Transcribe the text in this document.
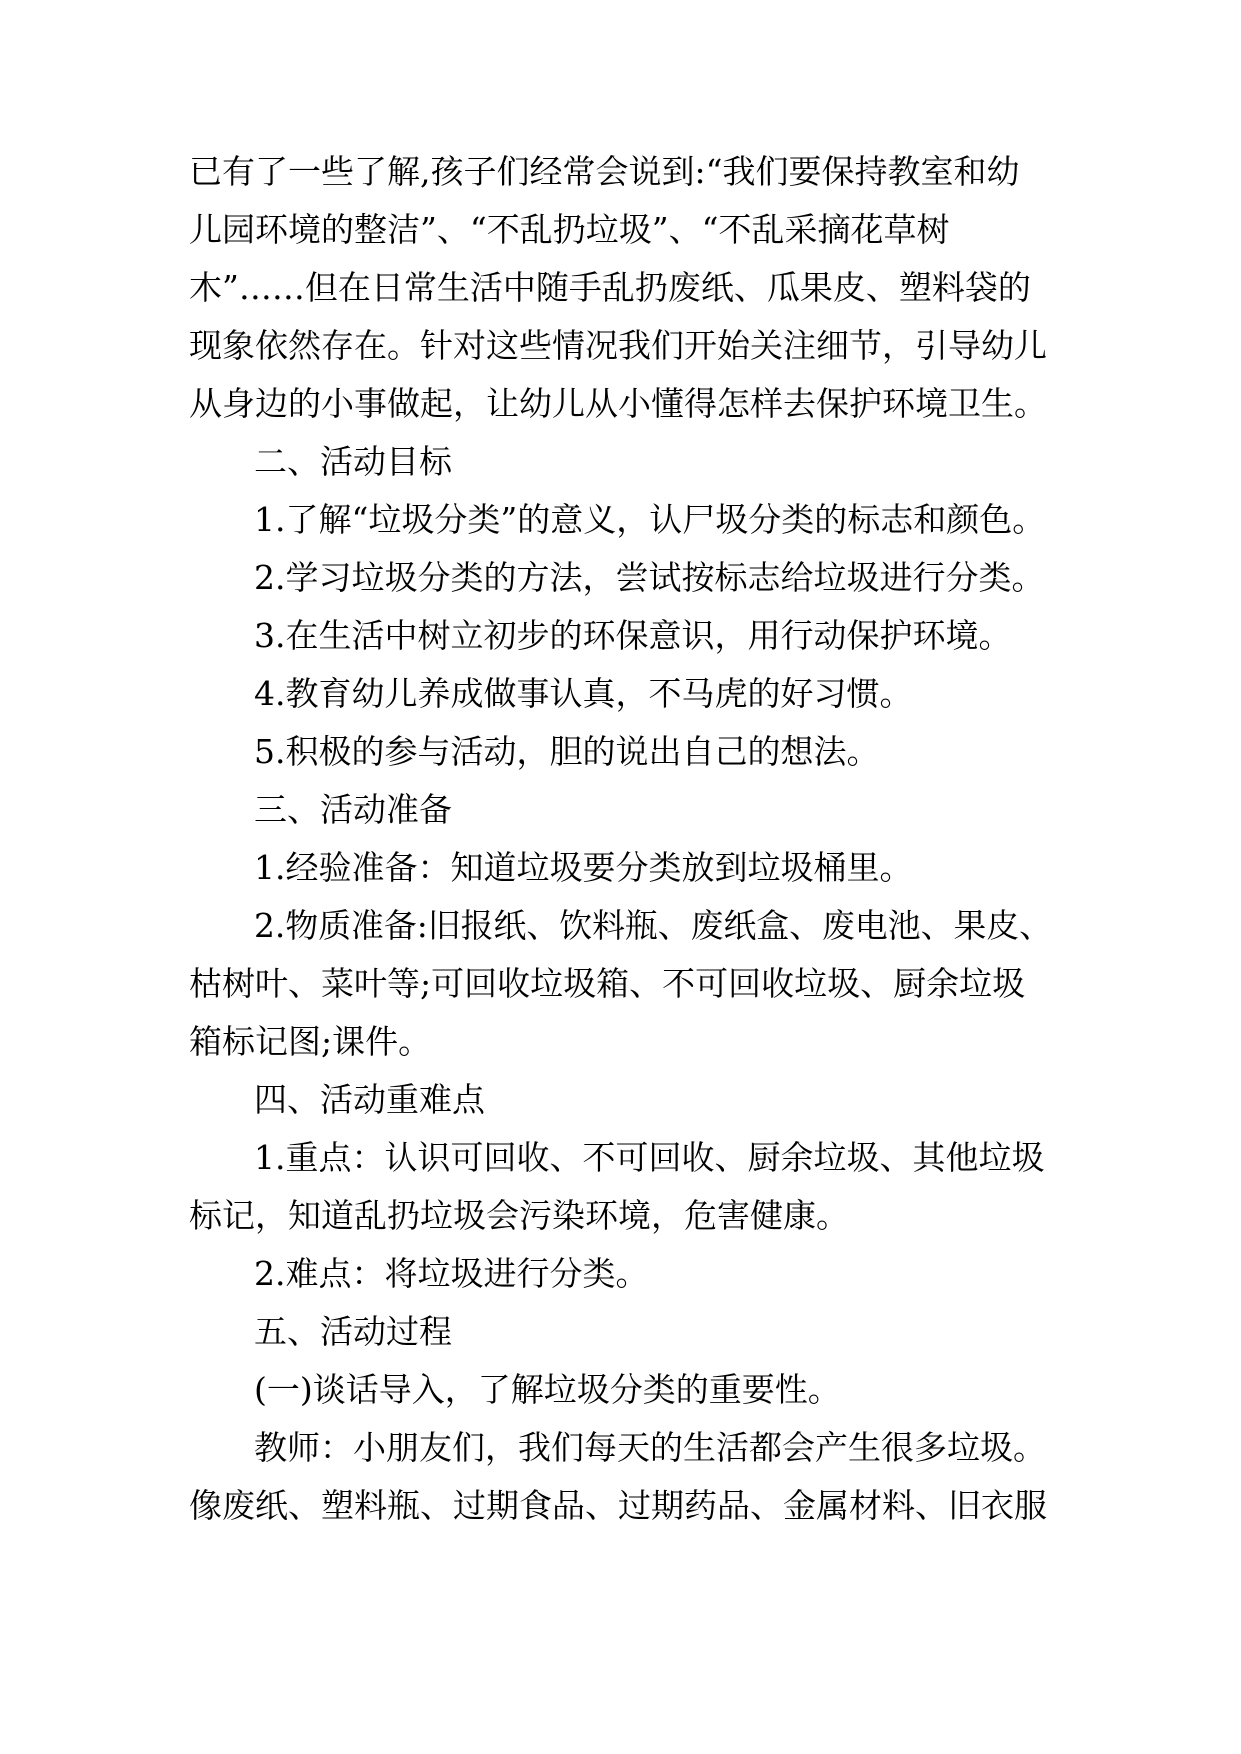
已有了一些了解,孩子们经常会说到:“我们要保持教室和幼
儿园环境的整洁”、“不乱扔垃圾”、“不乱采摘花草树
木”……但在日常生活中随手乱扔废纸、瓜果皮、塑料袋的
现象依然存在。针对这些情况我们开始关注细节，引导幼儿
从身边的小事做起，让幼儿从小懂得怎样去保护环境卫生。
二、活动目标
1.了解“垃圾分类”的意义，认尸圾分类的标志和颜色。
2.学习垃圾分类的方法，尝试按标志给垃圾进行分类。
3.在生活中树立初步的环保意识，用行动保护环境。
4.教育幼儿养成做事认真，不马虎的好习惯。
5.积极的参与活动，胆的说出自己的想法。
三、活动准备
1.经验准备：知道垃圾要分类放到垃圾桶里。
2.物质准备:旧报纸、饮料瓶、废纸盒、废电池、果皮、
枯树叶、菜叶等;可回收垃圾箱、不可回收垃圾、厨余垃圾
箱标记图;课件。
四、活动重难点
1.重点：认识可回收、不可回收、厨余垃圾、其他垃圾
标记，知道乱扔垃圾会污染环境，危害健康。
2.难点：将垃圾进行分类。
五、活动过程
(一)谈话导入，了解垃圾分类的重要性。
教师：小朋友们，我们每天的生活都会产生很多垃圾。
像废纸、塑料瓶、过期食品、过期药品、金属材料、旧衣服
